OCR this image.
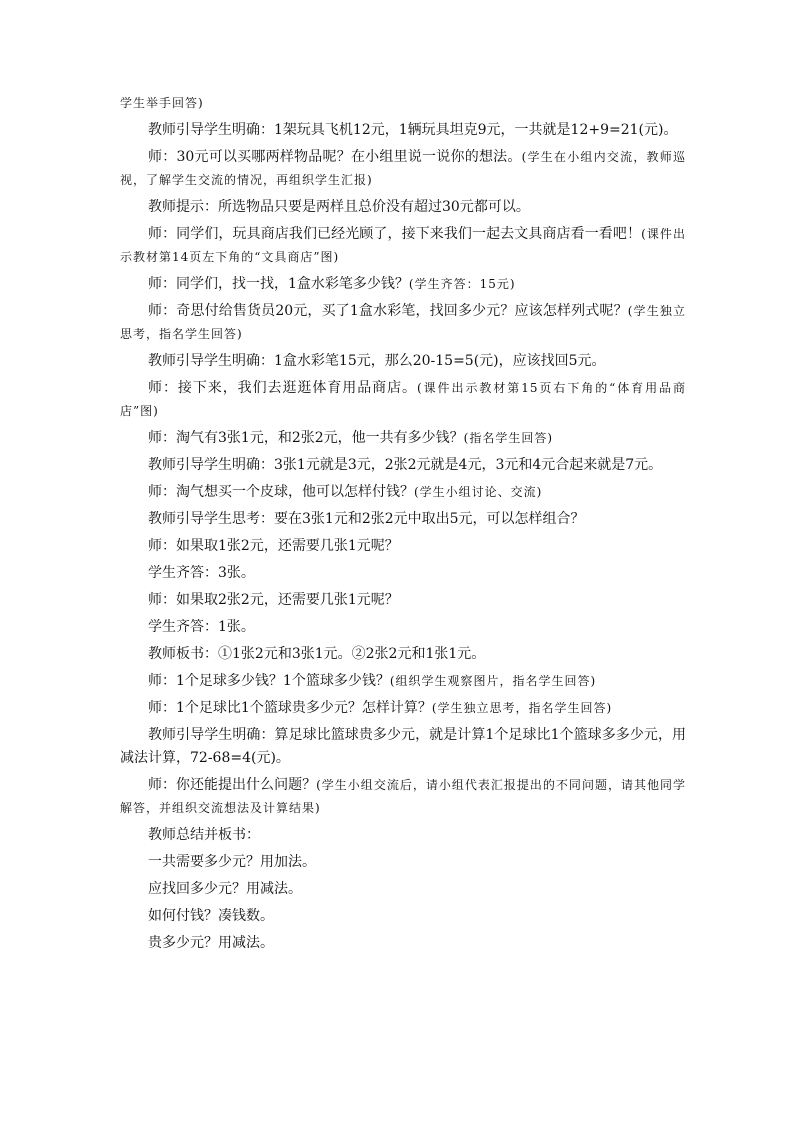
学生举手回答)

教师引导学生明确：1架玩具飞机12元，1辆玩具坦克9元，一共就是12+9=21(元)。

师：30元可以买哪两样物品呢？在小组里说一说你的想法。(学生在小组内交流，教师巡视，了解学生交流的情况，再组织学生汇报)

教师提示：所选物品只要是两样且总价没有超过30元都可以。

师：同学们，玩具商店我们已经光顾了，接下来我们一起去文具商店看一看吧！(课件出示教材第14页左下角的“文具商店”图)

师：同学们，找一找，1盒水彩笔多少钱？(学生齐答：15元)

师：奇思付给售货员20元，买了1盒水彩笔，找回多少元？应该怎样列式呢？(学生独立思考，指名学生回答)

教师引导学生明确：1盒水彩笔15元，那么20-15=5(元)，应该找回5元。

师：接下来，我们去逛逛体育用品商店。(课件出示教材第15页右下角的“体育用品商店”图)

师：淘气有3张1元，和2张2元，他一共有多少钱？(指名学生回答)

教师引导学生明确：3张1元就是3元，2张2元就是4元，3元和4元合起来就是7元。

师：淘气想买一个皮球，他可以怎样付钱？(学生小组讨论、交流)

教师引导学生思考：要在3张1元和2张2元中取出5元，可以怎样组合？

师：如果取1张2元，还需要几张1元呢？

学生齐答：3张。

师：如果取2张2元，还需要几张1元呢？

学生齐答：1张。

教师板书：①1张2元和3张1元。②2张2元和1张1元。

师：1个足球多少钱？1个篮球多少钱？(组织学生观察图片，指名学生回答)

师：1个足球比1个篮球贵多少元？怎样计算？(学生独立思考，指名学生回答)

教师引导学生明确：算足球比篮球贵多少元，就是计算1个足球比1个篮球多多少元，用减法计算，72-68=4(元)。

师：你还能提出什么问题？(学生小组交流后，请小组代表汇报提出的不同问题，请其他同学解答，并组织交流想法及计算结果)

教师总结并板书：

一共需要多少元？用加法。

应找回多少元？用减法。

如何付钱？凑钱数。

贵多少元？用减法。
